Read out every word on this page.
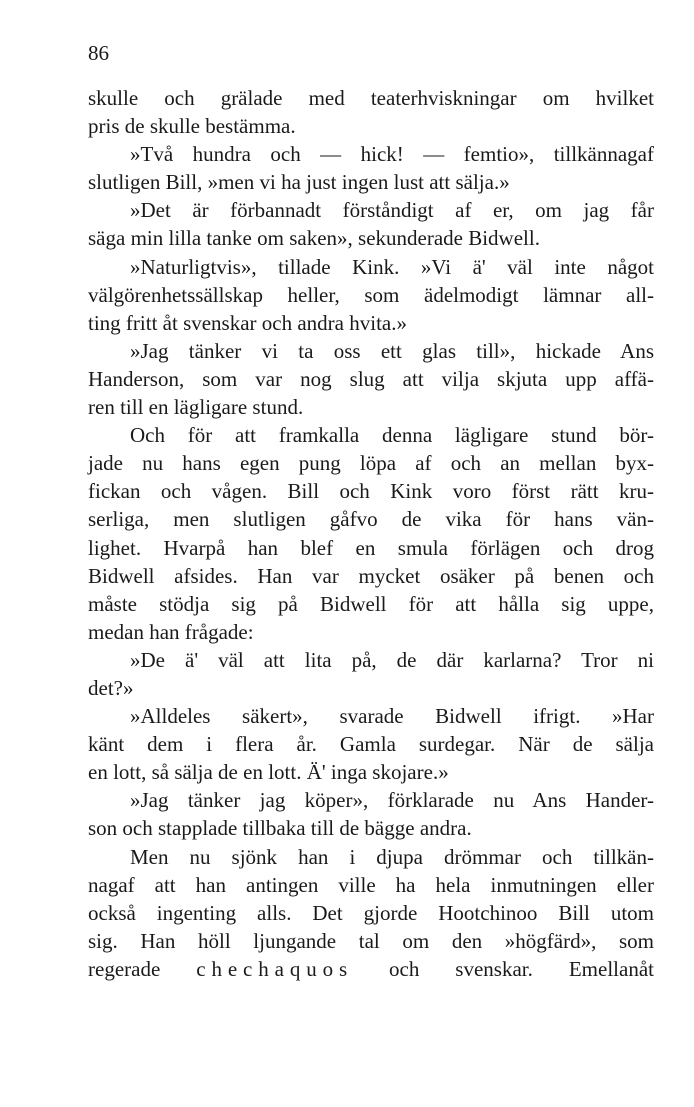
86
skulle och grälade med teaterhviskningar om hvilket
pris de skulle bestämma.
»Två hundra och — hick! — femtio», tillkännagaf
slutligen Bill, »men vi ha just ingen lust att sälja.»
»Det är förbannadt förståndigt af er, om jag får
säga min lilla tanke om saken», sekunderade Bidwell.
»Naturligtvis», tillade Kink. »Vi ä' väl inte något
välgörenhetssällskap heller, som ädelmodigt lämnar all-
ting fritt åt svenskar och andra hvita.»
»Jag tänker vi ta oss ett glas till», hickade Ans
Handerson, som var nog slug att vilja skjuta upp affä-
ren till en lägligare stund.
Och för att framkalla denna lägligare stund bör-
jade nu hans egen pung löpa af och an mellan byx-
fickan och vågen. Bill och Kink voro först rätt kru-
serliga, men slutligen gåfvo de vika för hans vän-
lighet. Hvarpå han blef en smula förlägen och drog
Bidwell afsides. Han var mycket osäker på benen och
måste stödja sig på Bidwell för att hålla sig uppe,
medan han frågade:
»De ä' väl att lita på, de där karlarna? Tror ni
det?»
»Alldeles säkert», svarade Bidwell ifrigt. »Har
känt dem i flera år. Gamla surdegar. När de sälja
en lott, så sälja de en lott. Ä' inga skojare.»
»Jag tänker jag köper», förklarade nu Ans Hander-
son och stapplade tillbaka till de bägge andra.
Men nu sjönk han i djupa drömmar och tillkän-
nagaf att han antingen ville ha hela inmutningen eller
också ingenting alls. Det gjorde Hootchinoo Bill utom
sig. Han höll ljungande tal om den »högfärd», som
regerade chechaquos och svenskar. Emellanåt
